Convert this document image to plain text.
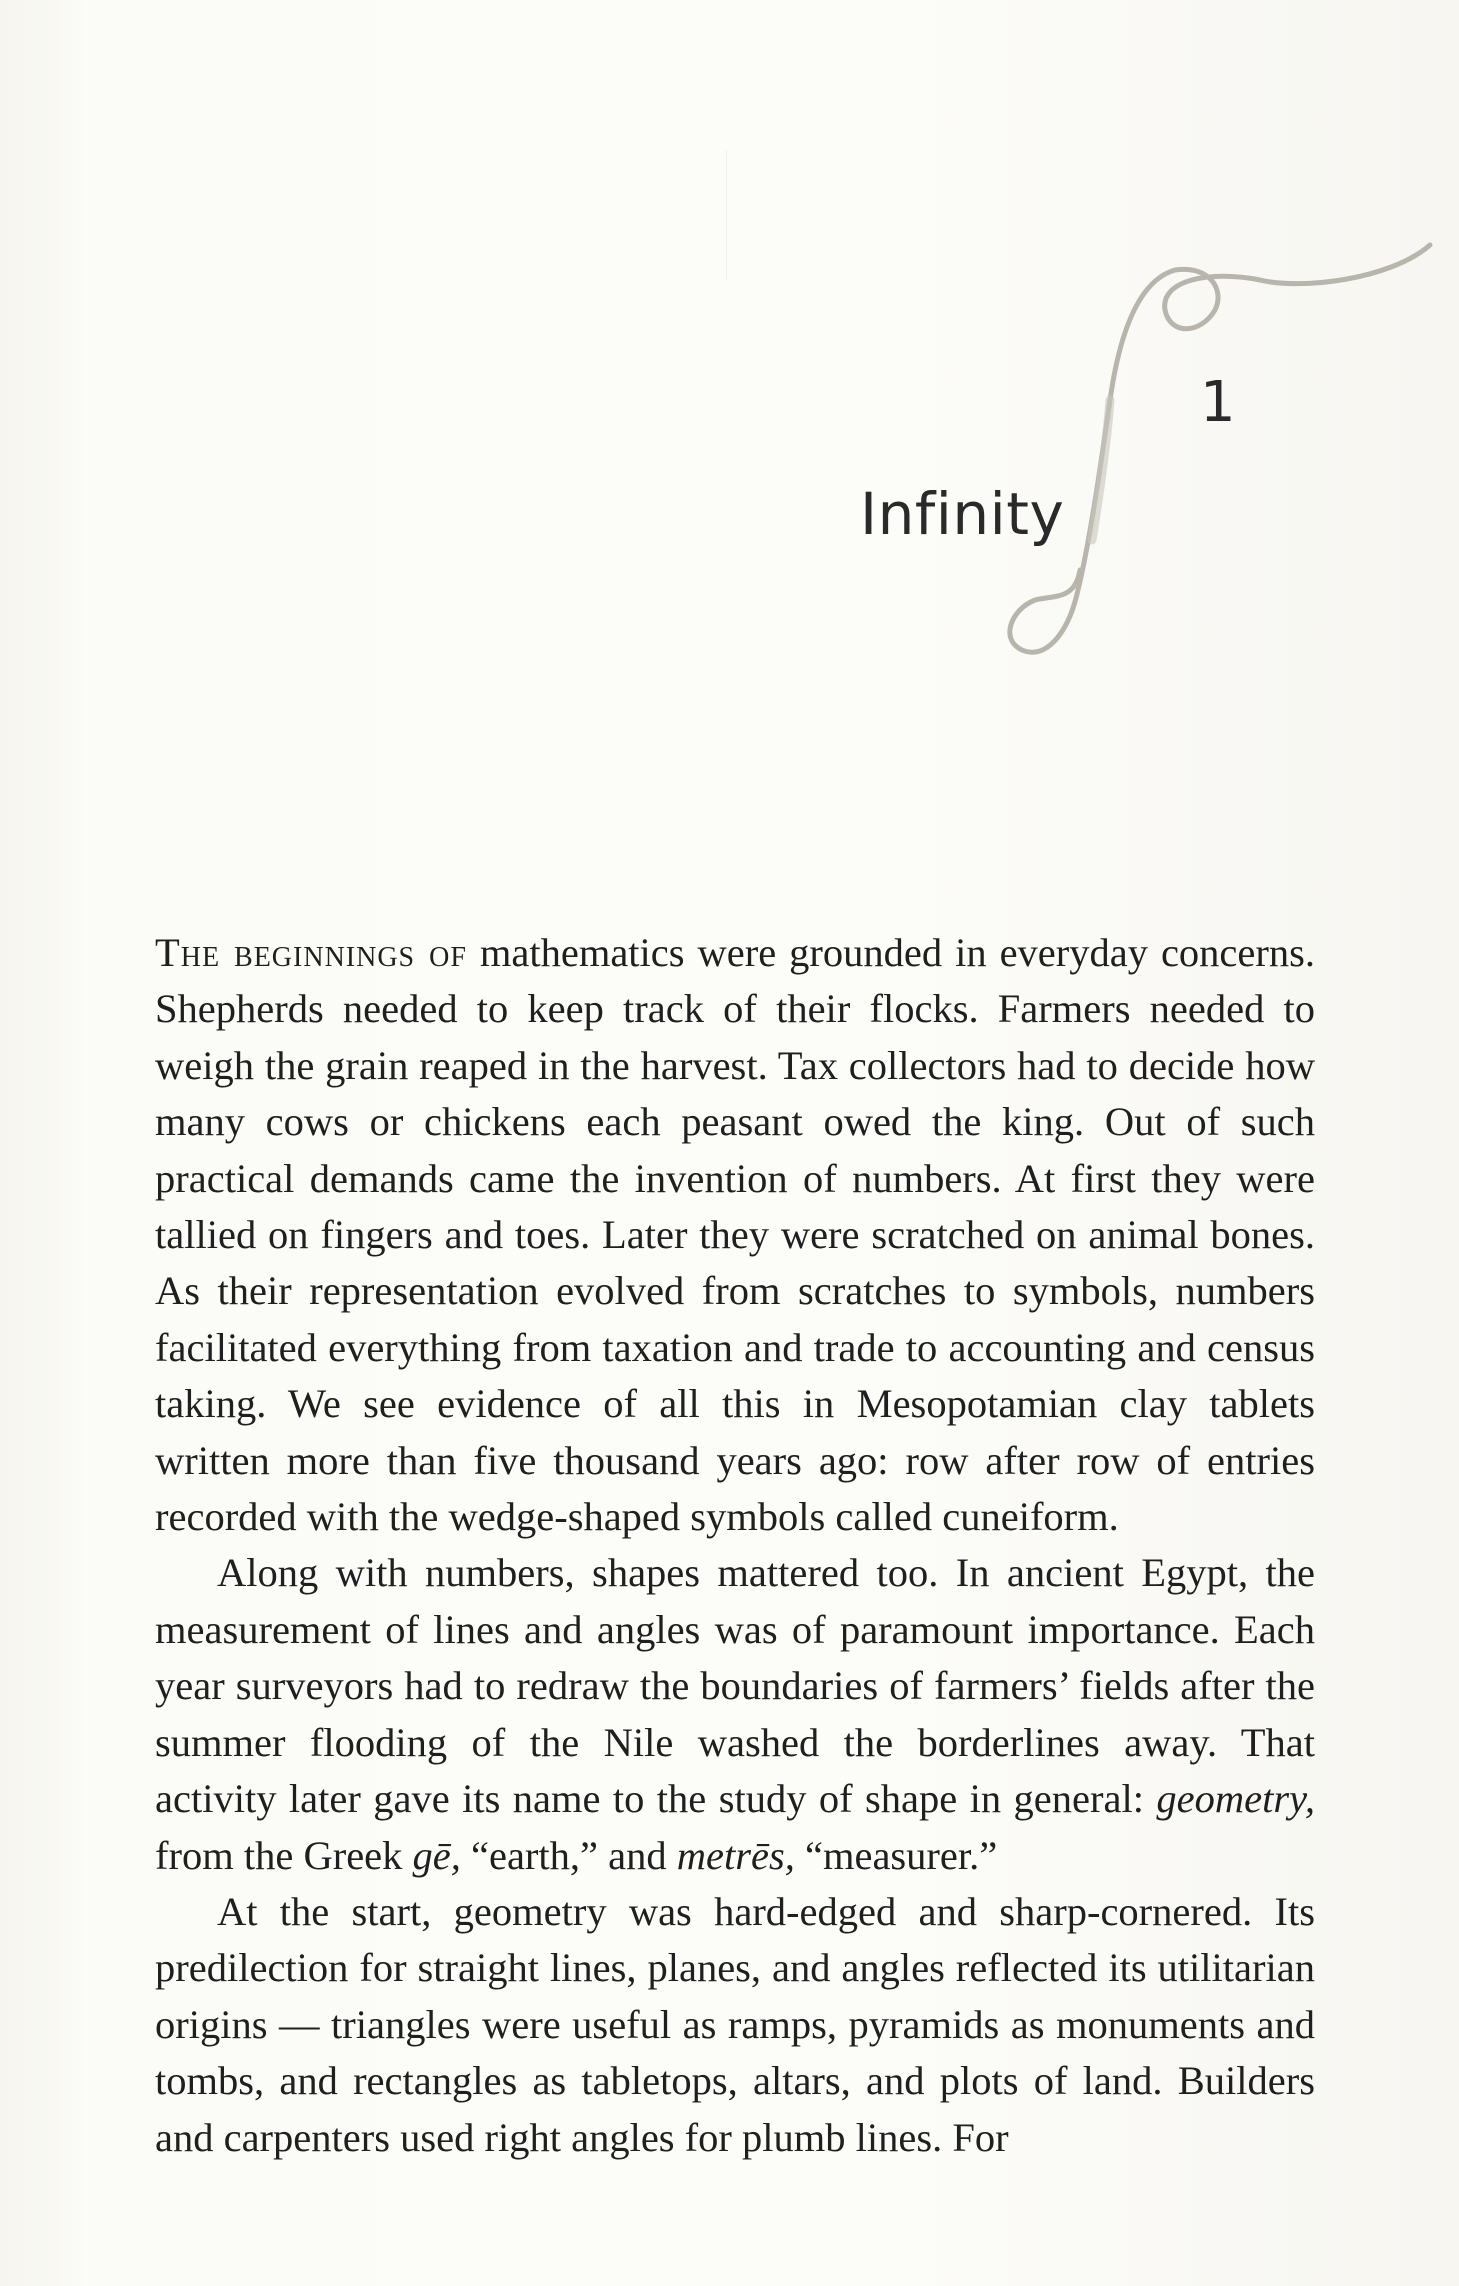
1
Infinity

The beginnings of mathematics were grounded in everyday concerns. Shepherds needed to keep track of their flocks. Farmers needed to weigh the grain reaped in the harvest. Tax collectors had to decide how many cows or chickens each peasant owed the king. Out of such practical demands came the invention of numbers. At first they were tallied on fingers and toes. Later they were scratched on animal bones. As their representation evolved from scratches to symbols, numbers facilitated everything from taxation and trade to accounting and census taking. We see evidence of all this in Mesopotamian clay tablets written more than five thousand years ago: row after row of entries recorded with the wedge-shaped symbols called cuneiform.

Along with numbers, shapes mattered too. In ancient Egypt, the measurement of lines and angles was of paramount importance. Each year surveyors had to redraw the boundaries of farmers’ fields after the summer flooding of the Nile washed the borderlines away. That activity later gave its name to the study of shape in general: geometry, from the Greek gē, “earth,” and metrēs, “measurer.”

At the start, geometry was hard-edged and sharp-cornered. Its predilection for straight lines, planes, and angles reflected its utilitarian origins — triangles were useful as ramps, pyramids as monuments and tombs, and rectangles as tabletops, altars, and plots of land. Builders and carpenters used right angles for plumb lines. For
